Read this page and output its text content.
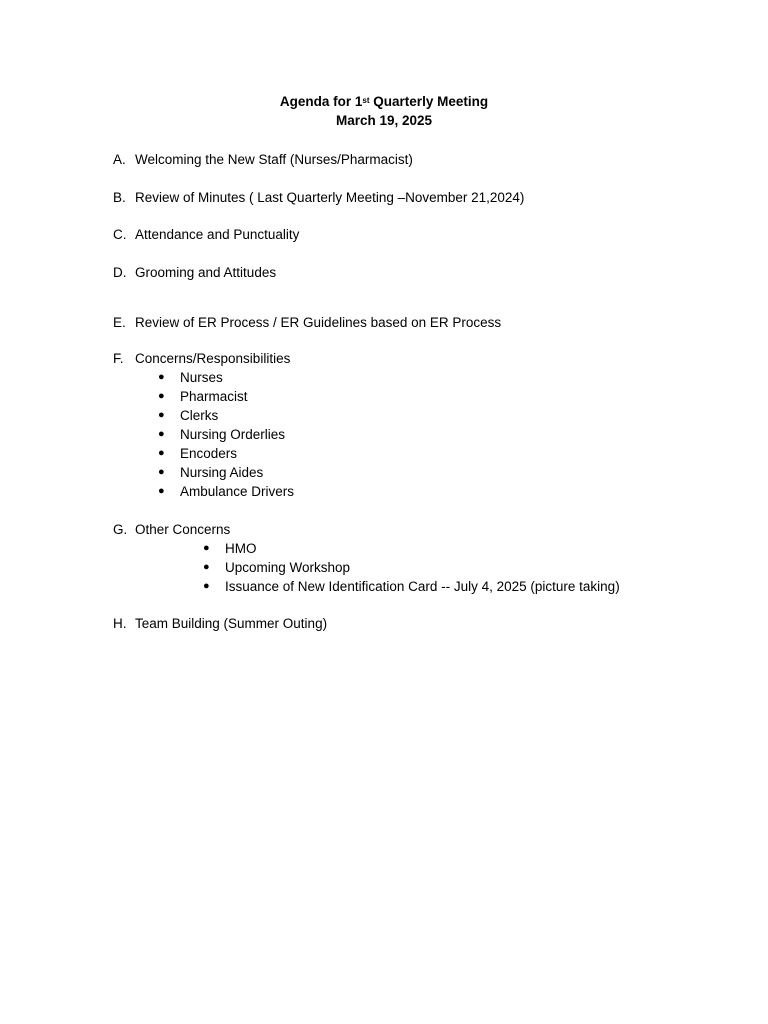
Agenda for 1st Quarterly Meeting
March 19, 2025
A. Welcoming the New Staff (Nurses/Pharmacist)
B. Review of Minutes ( Last Quarterly Meeting –November 21,2024)
C. Attendance and Punctuality
D. Grooming and Attitudes
E. Review of ER Process / ER Guidelines based on ER Process
F. Concerns/Responsibilities
● Nurses
● Pharmacist
● Clerks
● Nursing Orderlies
● Encoders
● Nursing Aides
● Ambulance Drivers
G. Other Concerns
● HMO
● Upcoming Workshop
● Issuance of New Identification Card -- July 4, 2025 (picture taking)
H. Team Building (Summer Outing)
